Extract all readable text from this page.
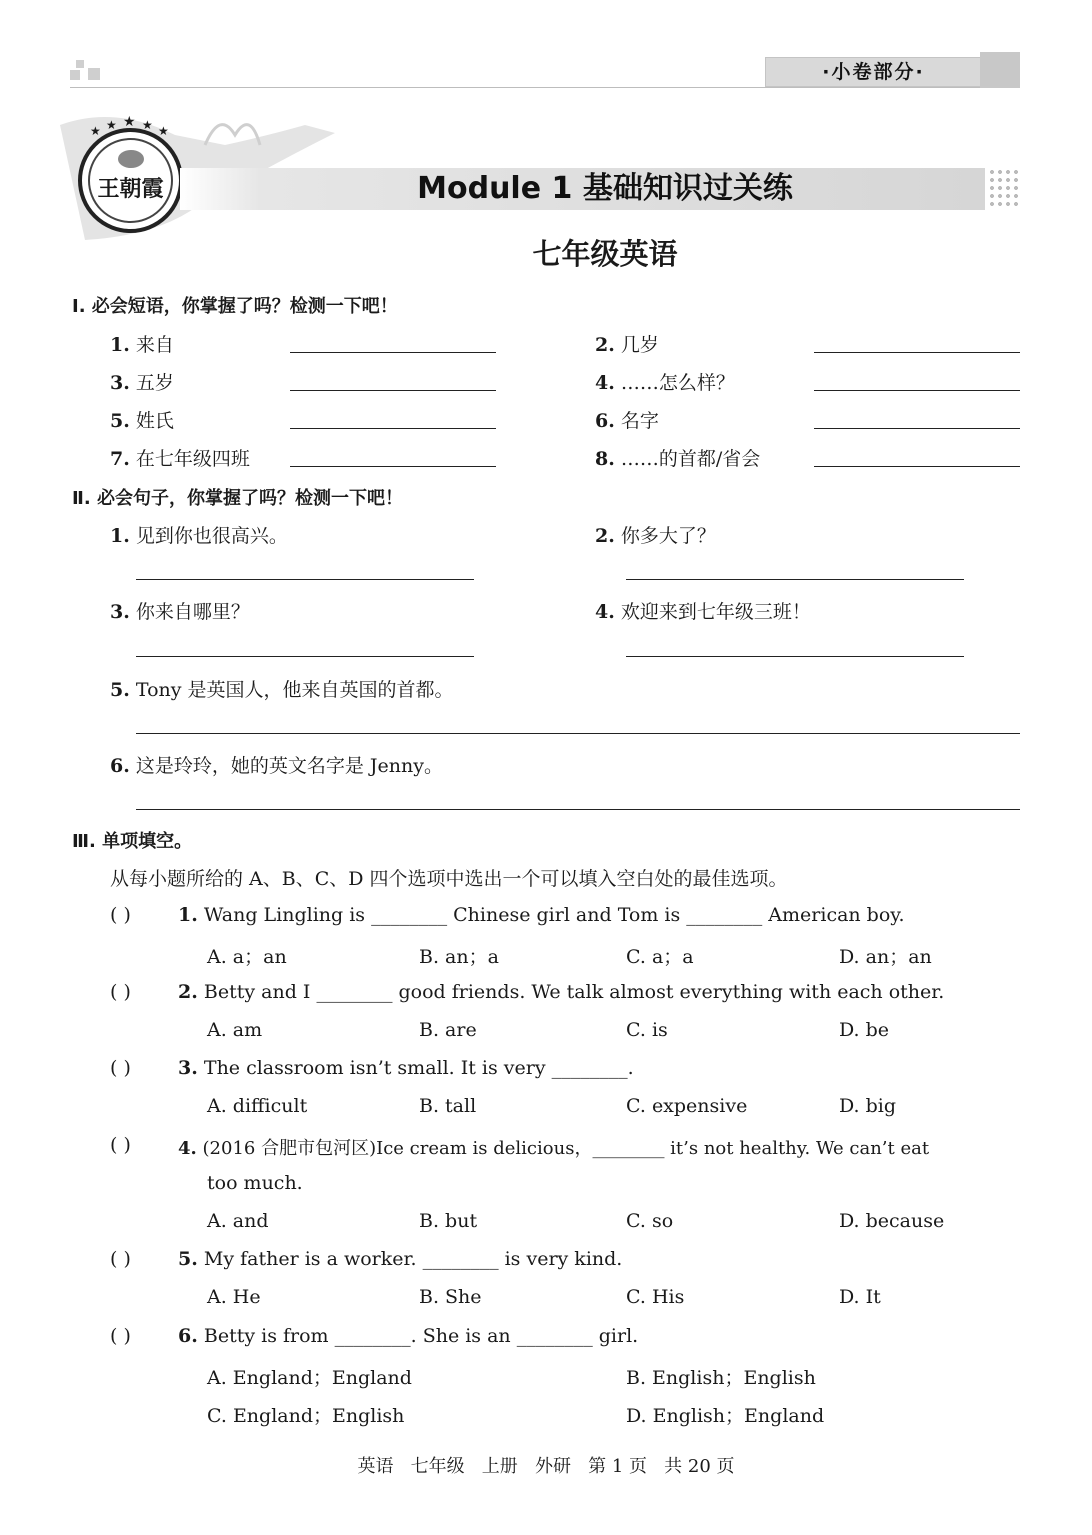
·小卷部分·
王朝霞
★ ★ ★ ★ ★
Module 1 基础知识过关练
七年级英语
Ⅰ. 必会短语，你掌握了吗？检测一下吧！
1. 来自	2. 几岁
3. 五岁	4. ……怎么样？
5. 姓氏	6. 名字
7. 在七年级四班	8. ……的首都/省会
Ⅱ. 必会句子，你掌握了吗？检测一下吧！
1. 见到你也很高兴。	2. 你多大了？
3. 你来自哪里？	4. 欢迎来到七年级三班！
5. Tony 是英国人，他来自英国的首都。
6. 这是玲玲，她的英文名字是 Jenny。
Ⅲ. 单项填空。
从每小题所给的 A、B、C、D 四个选项中选出一个可以填入空白处的最佳选项。
( ) 1. Wang Lingling is ________ Chinese girl and Tom is ________ American boy.
A. a；an	B. an；a	C. a；a	D. an；an
( ) 2. Betty and I ________ good friends. We talk almost everything with each other.
A. am	B. are	C. is	D. be
( ) 3. The classroom isn’t small. It is very ________.
A. difficult	B. tall	C. expensive	D. big
( )	4. (2016 合肥市包河区)Ice cream is delicious，________ it’s not healthy. We can’t eat
too much.
A. and	B. but	C. so	D. because
( ) 5. My father is a worker. ________ is very kind.
A. He	B. She	C. His	D. It
( ) 6. Betty is from ________. She is an ________ girl.
A. England；England	B. English；English
C. England；English	D. English；England
英语   七年级   上册   外研   第 1 页   共 20 页
